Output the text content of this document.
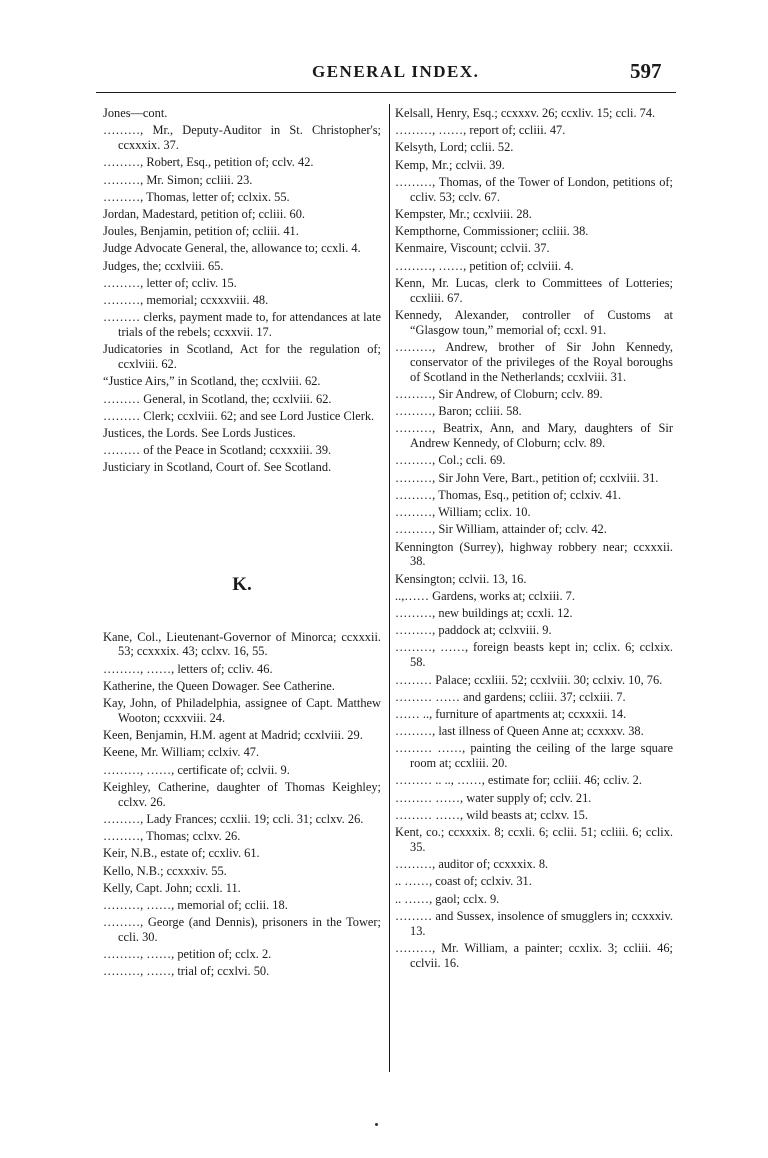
GENERAL INDEX.	597
Jones—cont.
………, Mr., Deputy-Auditor in St. Christopher's; ccxxxix. 37.
………, Robert, Esq., petition of; cclv. 42.
………, Mr. Simon; ccliii. 23.
………, Thomas, letter of; cclxix. 55.
Jordan, Madestard, petition of; ccliii. 60.
Joules, Benjamin, petition of; ccliii. 41.
Judge Advocate General, the, allowance to; ccxli. 4.
Judges, the; ccxlviii. 65.
………, letter of; ccliv. 15.
………, memorial; ccxxxviii. 48.
……… clerks, payment made to, for attendances at late trials of the rebels; ccxxvii. 17.
Judicatories in Scotland, Act for the regulation of; ccxlviii. 62.
“Justice Airs,” in Scotland, the; ccxlviii. 62.
……… General, in Scotland, the; ccxlviii. 62.
……… Clerk; ccxlviii. 62; and see Lord Justice Clerk.
Justices, the Lords. See Lords Justices.
……… of the Peace in Scotland; ccxxxiii. 39.
Justiciary in Scotland, Court of. See Scotland.
K.
Kane, Col., Lieutenant-Governor of Minorca; ccxxxii. 53; ccxxxix. 43; cclxv. 16, 55.
………, ……, letters of; ccliv. 46.
Katherine, the Queen Dowager. See Catherine.
Kay, John, of Philadelphia, assignee of Capt. Matthew Wooton; ccxxviii. 24.
Keen, Benjamin, H.M. agent at Madrid; ccxlviii. 29.
Keene, Mr. William; cclxiv. 47.
………, ……, certificate of; cclvii. 9.
Keighley, Catherine, daughter of Thomas Keighley; cclxv. 26.
………, Lady Frances; ccxlii. 19; ccli. 31; cclxv. 26.
………, Thomas; cclxv. 26.
Keir, N.B., estate of; ccxliv. 61.
Kello, N.B.; ccxxxiv. 55.
Kelly, Capt. John; ccxli. 11.
………, ……, memorial of; cclii. 18.
………, George (and Dennis), prisoners in the Tower; ccli. 30.
………, ……, petition of; cclx. 2.
………, ……, trial of; ccxlvi. 50.
Kelsall, Henry, Esq.; ccxxxv. 26; ccxliv. 15; ccli. 74.
………, ……, report of; ccliii. 47.
Kelsyth, Lord; cclii. 52.
Kemp, Mr.; cclvii. 39.
………, Thomas, of the Tower of London, petitions of; ccliv. 53; cclv. 67.
Kempster, Mr.; ccxlviii. 28.
Kempthorne, Commissioner; ccliii. 38.
Kenmaire, Viscount; cclvii. 37.
………, ……, petition of; cclviii. 4.
Kenn, Mr. Lucas, clerk to Committees of Lotteries; ccxliii. 67.
Kennedy, Alexander, controller of Customs at “Glasgow toun,” memorial of; ccxl. 91.
………, Andrew, brother of Sir John Kennedy, conservator of the privileges of the Royal boroughs of Scotland in the Netherlands; ccxlviii. 31.
………, Sir Andrew, of Cloburn; cclv. 89.
………, Baron; ccliii. 58.
………, Beatrix, Ann, and Mary, daughters of Sir Andrew Kennedy, of Cloburn; cclv. 89.
………, Col.; ccli. 69.
………, Sir John Vere, Bart., petition of; ccxlviii. 31.
………, Thomas, Esq., petition of; cclxiv. 41.
………, William; cclix. 10.
………, Sir William, attainder of; cclv. 42.
Kennington (Surrey), highway robbery near; ccxxxii. 38.
Kensington; cclvii. 13, 16.
..,…… Gardens, works at; cclxiii. 7.
………, new buildings at; ccxli. 12.
………, paddock at; cclxviii. 9.
………, ……, foreign beasts kept in; cclix. 6; cclxix. 58.
……… Palace; ccxliii. 52; ccxlviii. 30; cclxiv. 10, 76.
……… …… and gardens; ccliii. 37; cclxiii. 7.
…… .., furniture of apartments at; ccxxxii. 14.
………, last illness of Queen Anne at; ccxxxv. 38.
……… ……, painting the ceiling of the large square room at; ccxliii. 20.
……… .. .., ……, estimate for; ccliii. 46; ccliv. 2.
……… ……, water supply of; cclv. 21.
……… ……, wild beasts at; cclxv. 15.
Kent, co.; ccxxxix. 8; ccxli. 6; cclii. 51; ccliii. 6; cclix. 35.
………, auditor of; ccxxxix. 8.
.. ……, coast of; cclxiv. 31.
.. ……, gaol; cclx. 9.
……… and Sussex, insolence of smugglers in; ccxxxiv. 13.
………, Mr. William, a painter; ccxlix. 3; ccliii. 46; cclvii. 16.
